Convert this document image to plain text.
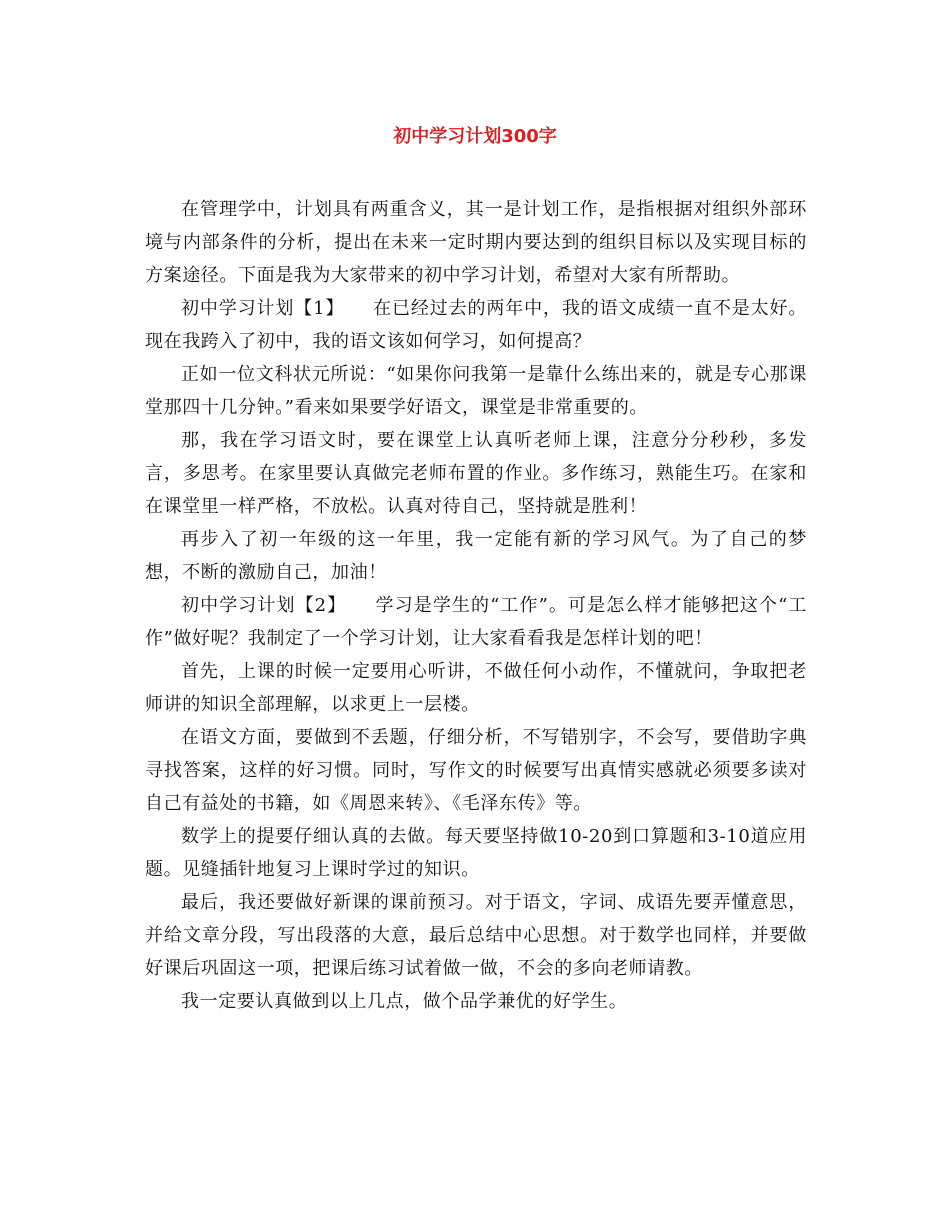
初中学习计划300字

在管理学中，计划具有两重含义，其一是计划工作，是指根据对组织外部环境与内部条件的分析，提出在未来一定时期内要达到的组织目标以及实现目标的方案途径。下面是我为大家带来的初中学习计划，希望对大家有所帮助。

初中学习计划【1】　　在已经过去的两年中，我的语文成绩一直不是太好。现在我跨入了初中，我的语文该如何学习，如何提高？

正如一位文科状元所说：“如果你问我第一是靠什么练出来的，就是专心那课堂那四十几分钟。”看来如果要学好语文，课堂是非常重要的。

那，我在学习语文时，要在课堂上认真听老师上课，注意分分秒秒，多发言，多思考。在家里要认真做完老师布置的作业。多作练习，熟能生巧。在家和在课堂里一样严格，不放松。认真对待自己，坚持就是胜利！

再步入了初一年级的这一年里，我一定能有新的学习风气。为了自己的梦想，不断的激励自己，加油！

初中学习计划【2】　　学习是学生的“工作”。可是怎么样才能够把这个“工作”做好呢？我制定了一个学习计划，让大家看看我是怎样计划的吧！

首先，上课的时候一定要用心听讲，不做任何小动作，不懂就问，争取把老师讲的知识全部理解，以求更上一层楼。

在语文方面，要做到不丢题，仔细分析，不写错别字，不会写，要借助字典寻找答案，这样的好习惯。同时，写作文的时候要写出真情实感就必须要多读对自己有益处的书籍，如《周恩来转》、《毛泽东传》等。

数学上的提要仔细认真的去做。每天要坚持做10-20到口算题和3-10道应用题。见缝插针地复习上课时学过的知识。

最后，我还要做好新课的课前预习。对于语文，字词、成语先要弄懂意思，并给文章分段，写出段落的大意，最后总结中心思想。对于数学也同样，并要做好课后巩固这一项，把课后练习试着做一做，不会的多向老师请教。

我一定要认真做到以上几点，做个品学兼优的好学生。
